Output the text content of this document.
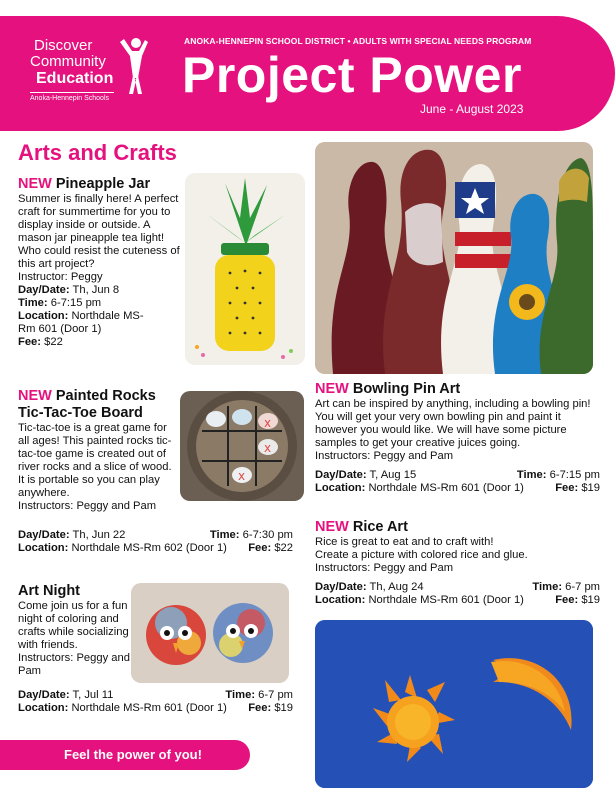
Discover
Community
Education
Anoka-Hennepin Schools
ANOKA-HENNEPIN SCHOOL DISTRICT • ADULTS WITH SPECIAL NEEDS PROGRAM
Project Power
June - August 2023
Arts and Crafts
NEW Pineapple Jar

Summer is finally here! A perfect craft for summertime for you to display inside or outside. A mason jar pineapple tea light! Who could resist the cuteness of this art project?

Instructor: Peggy

Day/Date: Th, Jun 8

Time: 6-7:15 pm

Location: Northdale MS-Rm 601 (Door 1)

Fee: $22

NEW Painted Rocks
Tic-Tac-Toe Board

Tic-tac-toe is a great game for all ages! This painted rocks tic-tac-toe game is created out of river rocks and a slice of wood. It is portable so you can play anywhere.

Instructors: Peggy and Pam

x
x
x

Day/Date: Th, Jun 22	Time: 6-7:30 pm

Location: Northdale MS-Rm 602 (Door 1) Fee: $22

Art Night

Come join us for a fun night of coloring and crafts while socializing with friends. Instructors: Peggy and Pam

Day/Date: T, Jul 11	Time: 6-7 pm

Location: Northdale MS-Rm 601 (Door 1) Fee: $19

NEW Bowling Pin Art

Art can be inspired by anything, including a bowling pin! You will get your very own bowling pin and paint it however you would like. We will have some picture samples to get your creative juices going.

Instructors: Peggy and Pam

Day/Date: T, Aug 15	Time: 6-7:15 pm

Location: Northdale MS-Rm 601 (Door 1)	Fee: $19

NEW Rice Art

Rice is great to eat and to craft with!

Create a picture with colored rice and glue.

Instructors: Peggy and Pam

Day/Date: Th, Aug 24	Time: 6-7 pm

Location: Northdale MS-Rm 601 (Door 1)	Fee: $19

Feel the power of you!
